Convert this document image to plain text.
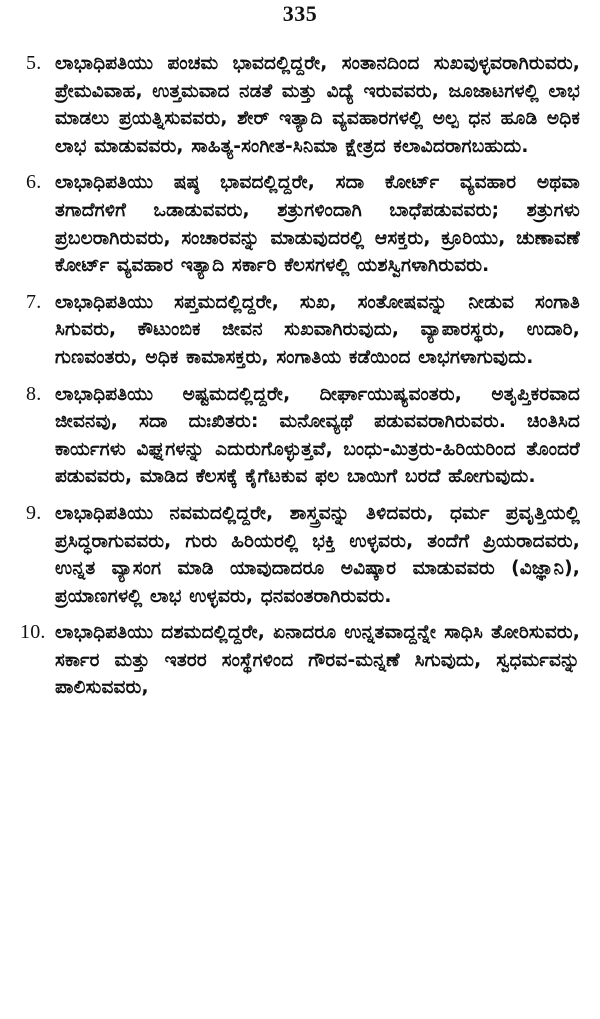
335
5. ಲಾಭಾಧಿಪತಿಯು ಪಂಚಮ ಭಾವದಲ್ಲಿದ್ದರೇ, ಸಂತಾನದಿಂದ ಸುಖವುಳ್ಳವರಾಗಿರುವರು, ಪ್ರೇಮವಿವಾಹ, ಉತ್ತಮವಾದ ನಡತೆ ಮತ್ತು ವಿದ್ಯೆ ಇರುವವರು, ಜೂಜಾಟಗಳಲ್ಲಿ ಲಾಭ ಮಾಡಲು ಪ್ರಯತ್ನಿಸುವವರು, ಶೇರ್ ಇತ್ಯಾದಿ ವ್ಯವಹಾರಗಳಲ್ಲಿ ಅಲ್ಪ ಧನ ಹೂಡಿ ಅಧಿಕ ಲಾಭ ಮಾಡುವವರು, ಸಾಹಿತ್ಯ-ಸಂಗೀತ-ಸಿನಿಮಾ ಕ್ಷೇತ್ರದ ಕಲಾವಿದರಾಗಬಹುದು.
6. ಲಾಭಾಧಿಪತಿಯು ಷಷ್ಠ ಭಾವದಲ್ಲಿದ್ದರೇ, ಸದಾ ಕೋರ್ಟ್ ವ್ಯವಹಾರ ಅಥವಾ ತಗಾದೆಗಳಿಗೆ ಒಡಾಡುವವರು, ಶತ್ರುಗಳಿಂದಾಗಿ ಬಾಧೆಪಡುವವರು; ಶತ್ರುಗಳು ಪ್ರಬಲರಾಗಿರುವರು, ಸಂಚಾರವನ್ನು ಮಾಡುವುದರಲ್ಲಿ ಆಸಕ್ತರು, ಕ್ರೂರಿಯು, ಚುಣಾವಣೆ ಕೋರ್ಟ್ ವ್ಯವಹಾರ ಇತ್ಯಾದಿ ಸರ್ಕಾರಿ ಕೆಲಸಗಳಲ್ಲಿ ಯಶಸ್ವಿಗಳಾಗಿರುವರು.
7. ಲಾಭಾಧಿಪತಿಯು ಸಪ್ತಮದಲ್ಲಿದ್ದರೇ, ಸುಖ, ಸಂತೋಷವನ್ನು ನೀಡುವ ಸಂಗಾತಿ ಸಿಗುವರು, ಕೌಟುಂಬಿಕ ಜೀವನ ಸುಖವಾಗಿರುವುದು, ವ್ಯಾಪಾರಸ್ಥರು, ಉದಾರಿ, ಗುಣವಂತರು, ಅಧಿಕ ಕಾಮಾಸಕ್ತರು, ಸಂಗಾತಿಯ ಕಡೆಯಿಂದ ಲಾಭಗಳಾಗುವುದು.
8. ಲಾಭಾಧಿಪತಿಯು ಅಷ್ಟಮದಲ್ಲಿದ್ದರೇ, ದೀರ್ಘಾಯುಷ್ಯವಂತರು, ಅತೃಪ್ತಿಕರವಾದ ಜೀವನವು, ಸದಾ ದುಃಖಿತರು: ಮನೋವ್ಯಥೆ ಪಡುವವರಾಗಿರುವರು. ಚಿಂತಿಸಿದ ಕಾರ್ಯಗಳು ವಿಘ್ನಗಳನ್ನು ಎದುರುಗೊಳ್ಳುತ್ತವೆ, ಬಂಧು-ಮಿತ್ರರು-ಹಿರಿಯರಿಂದ ತೊಂದರೆ ಪಡುವವರು, ಮಾಡಿದ ಕೆಲಸಕ್ಕೆ ಕೈಗೆಟಕುವ ಫಲ ಬಾಯಿಗೆ ಬರದೆ ಹೋಗುವುದು.
9. ಲಾಭಾಧಿಪತಿಯು ನವಮದಲ್ಲಿದ್ದರೇ, ಶಾಸ್ತ್ರವನ್ನು ತಿಳಿದವರು, ಧರ್ಮ ಪ್ರವೃತ್ತಿಯಲ್ಲಿ ಪ್ರಸಿದ್ಧರಾಗುವವರು, ಗುರು ಹಿರಿಯರಲ್ಲಿ ಭಕ್ತಿ ಉಳ್ಳವರು, ತಂದೆಗೆ ಪ್ರಿಯರಾದವರು, ಉನ್ನತ ವ್ಯಾಸಂಗ ಮಾಡಿ ಯಾವುದಾದರೂ ಅವಿಷ್ಕಾರ ಮಾಡುವವರು (ವಿಜ್ಞಾನಿ), ಪ್ರಯಾಣಗಳಲ್ಲಿ ಲಾಭ ಉಳ್ಳವರು, ಧನವಂತರಾಗಿರುವರು.
10. ಲಾಭಾಧಿಪತಿಯು ದಶಮದಲ್ಲಿದ್ದರೇ, ಏನಾದರೂ ಉನ್ನತವಾದ್ದನ್ನೇ ಸಾಧಿಸಿ ತೋರಿಸುವರು, ಸರ್ಕಾರ ಮತ್ತು ಇತರರ ಸಂಸ್ಥೆಗಳಿಂದ ಗೌರವ-ಮನ್ನಣೆ ಸಿಗುವುದು, ಸ್ವಧರ್ಮವನ್ನು ಪಾಲಿಸುವವರು,
